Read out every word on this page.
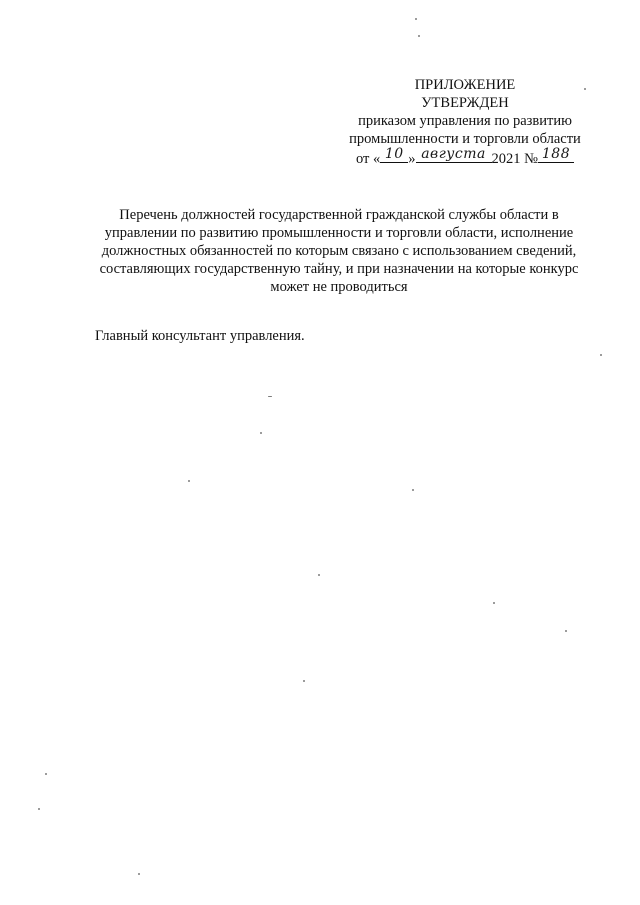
ПРИЛОЖЕНИЕ
УТВЕРЖДЕН
приказом управления по развитию
промышленности и торговли области
от « 10 » августа 2021 № 188
Перечень должностей государственной гражданской службы области в
управлении по развитию промышленности и торговли области, исполнение
должностных обязанностей по которым связано с использованием сведений,
составляющих государственную тайну, и при назначении на которые конкурс
может не проводиться
Главный консультант управления.
